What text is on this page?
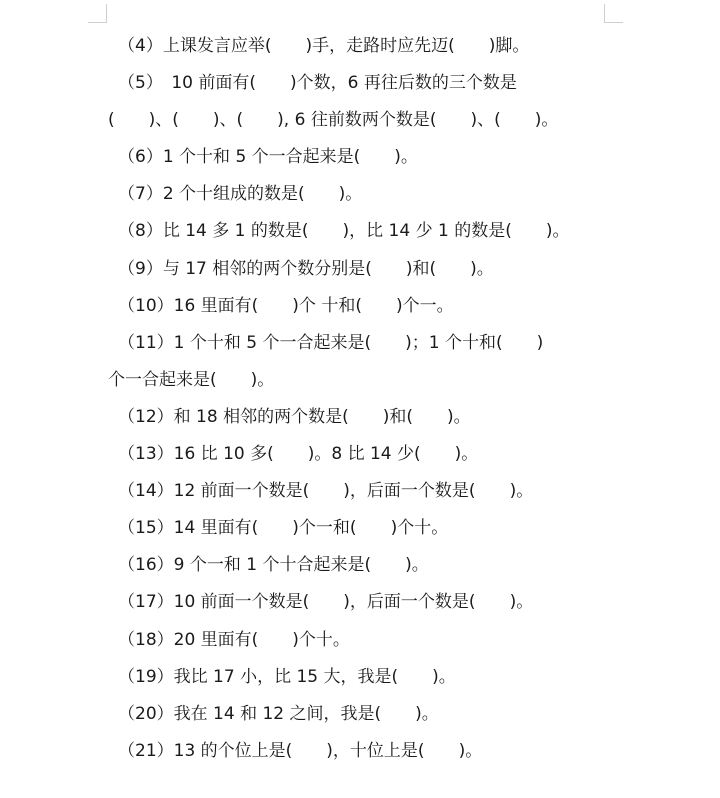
（4）上课发言应举(　　)手，走路时应先迈(　　)脚。
（5）　10 前面有(　　)个数，6 再往后数的三个数是
(　　)、(　　)、(　　), 6 往前数两个数是(　　)、(　　)。
（6）1 个十和 5 个一合起来是(　　)。
（7）2 个十组成的数是(　　)。
（8）比 14 多 1 的数是(　　)，比 14 少 1 的数是(　　)。
（9）与 17 相邻的两个数分别是(　　)和(　　)。
（10）16 里面有(　　)个 十和(　　)个一。
（11）1 个十和 5 个一合起来是(　　)；1 个十和(　　)
个一合起来是(　　)。
（12）和 18 相邻的两个数是(　　)和(　　)。
（13）16 比 10 多(　　)。8 比 14 少(　　)。
（14）12 前面一个数是(　　)，后面一个数是(　　)。
（15）14 里面有(　　)个一和(　　)个十。
（16）9 个一和 1 个十合起来是(　　)。
（17）10 前面一个数是(　　)，后面一个数是(　　)。
（18）20 里面有(　　)个十。
（19）我比 17 小，比 15 大，我是(　　)。
（20）我在 14 和 12 之间，我是(　　)。
（21）13 的个位上是(　　)，十位上是(　　)。
